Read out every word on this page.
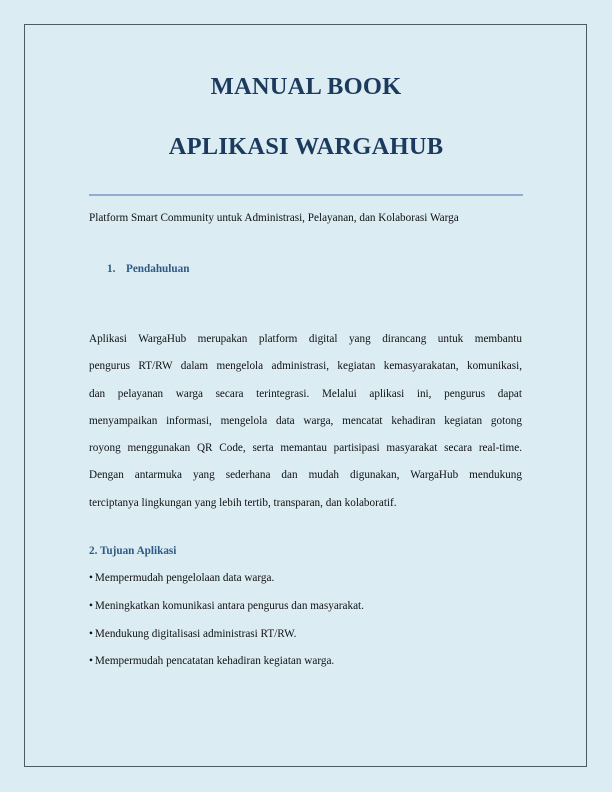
MANUAL BOOK
APLIKASI WARGAHUB
Platform Smart Community untuk Administrasi, Pelayanan, dan Kolaborasi Warga
1. Pendahuluan
Aplikasi WargaHub merupakan platform digital yang dirancang untuk membantu
pengurus RT/RW dalam mengelola administrasi, kegiatan kemasyarakatan, komunikasi,
dan pelayanan warga secara terintegrasi. Melalui aplikasi ini, pengurus dapat
menyampaikan informasi, mengelola data warga, mencatat kehadiran kegiatan gotong
royong menggunakan QR Code, serta memantau partisipasi masyarakat secara real-time.
Dengan antarmuka yang sederhana dan mudah digunakan, WargaHub mendukung
terciptanya lingkungan yang lebih tertib, transparan, dan kolaboratif.
2. Tujuan Aplikasi
• Mempermudah pengelolaan data warga.
• Meningkatkan komunikasi antara pengurus dan masyarakat.
• Mendukung digitalisasi administrasi RT/RW.
• Mempermudah pencatatan kehadiran kegiatan warga.
